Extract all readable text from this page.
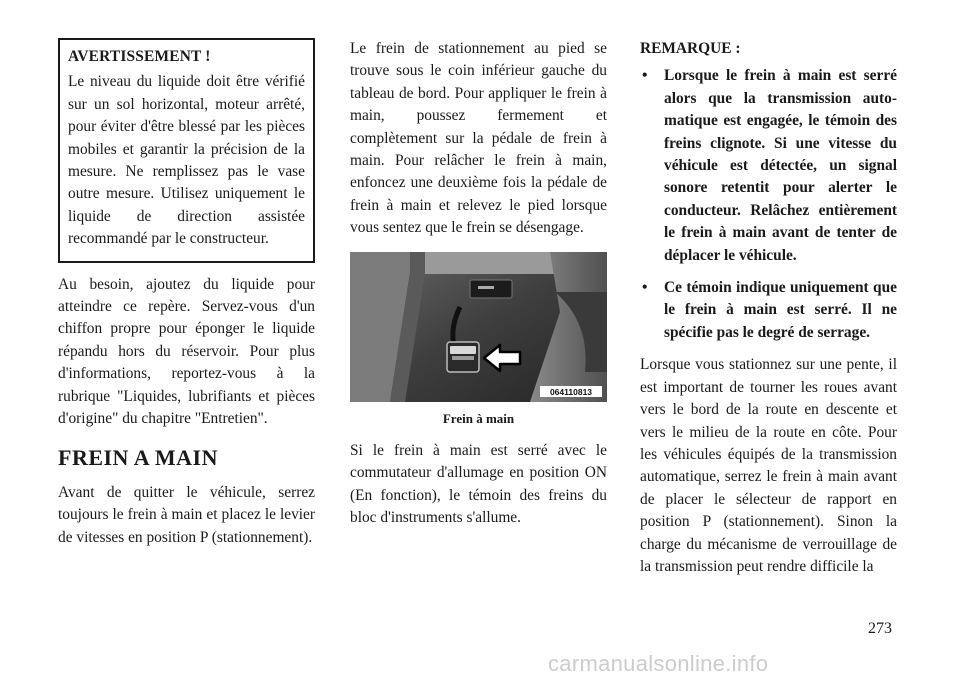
AVERTISSEMENT !

Le niveau du liquide doit être vérifié sur un sol horizontal, moteur arrêté, pour éviter d'être blessé par les pièces mobiles et garantir la précision de la mesure. Ne remplissez pas le vase outre mesure. Utilisez uniquement le liquide de direction assistée recommandé par le constructeur.

Au besoin, ajoutez du liquide pour atteindre ce repère. Servez-vous d'un chiffon propre pour éponger le liquide répandu hors du réservoir. Pour plus d'informations, reportez-vous à la rubrique "Liquides, lubrifiants et pièces d'origine" du chapitre "Entretien".

FREIN A MAIN

Avant de quitter le véhicule, serrez toujours le frein à main et placez le levier de vitesses en position P (stationnement).

Le frein de stationnement au pied se trouve sous le coin inférieur gauche du tableau de bord. Pour appliquer le frein à main, poussez fermement et complètement sur la pédale de frein à main. Pour relâcher le frein à main, enfoncez une deuxième fois la pédale de frein à main et relevez le pied lorsque vous sentez que le frein se désengage.

064110813

Frein à main

Si le frein à main est serré avec le commutateur d'allumage en position ON (En fonction), le témoin des freins du bloc d'instruments s'allume.

REMARQUE :

• Lorsque le frein à main est serré alors que la transmission automatique est engagée, le témoin des freins clignote. Si une vitesse du véhicule est détectée, un signal sonore retentit pour alerter le conducteur. Relâchez entièrement le frein à main avant de tenter de déplacer le véhicule.
• Ce témoin indique uniquement que le frein à main est serré. Il ne spécifie pas le degré de serrage.

Lorsque vous stationnez sur une pente, il est important de tourner les roues avant vers le bord de la route en descente et vers le milieu de la route en côte. Pour les véhicules équipés de la transmission automatique, serrez le frein à main avant de placer le sélecteur de rapport en position P (stationnement). Sinon la charge du mécanisme de verrouillage de la transmission peut rendre difficile la

273
carmanualsonline.info
